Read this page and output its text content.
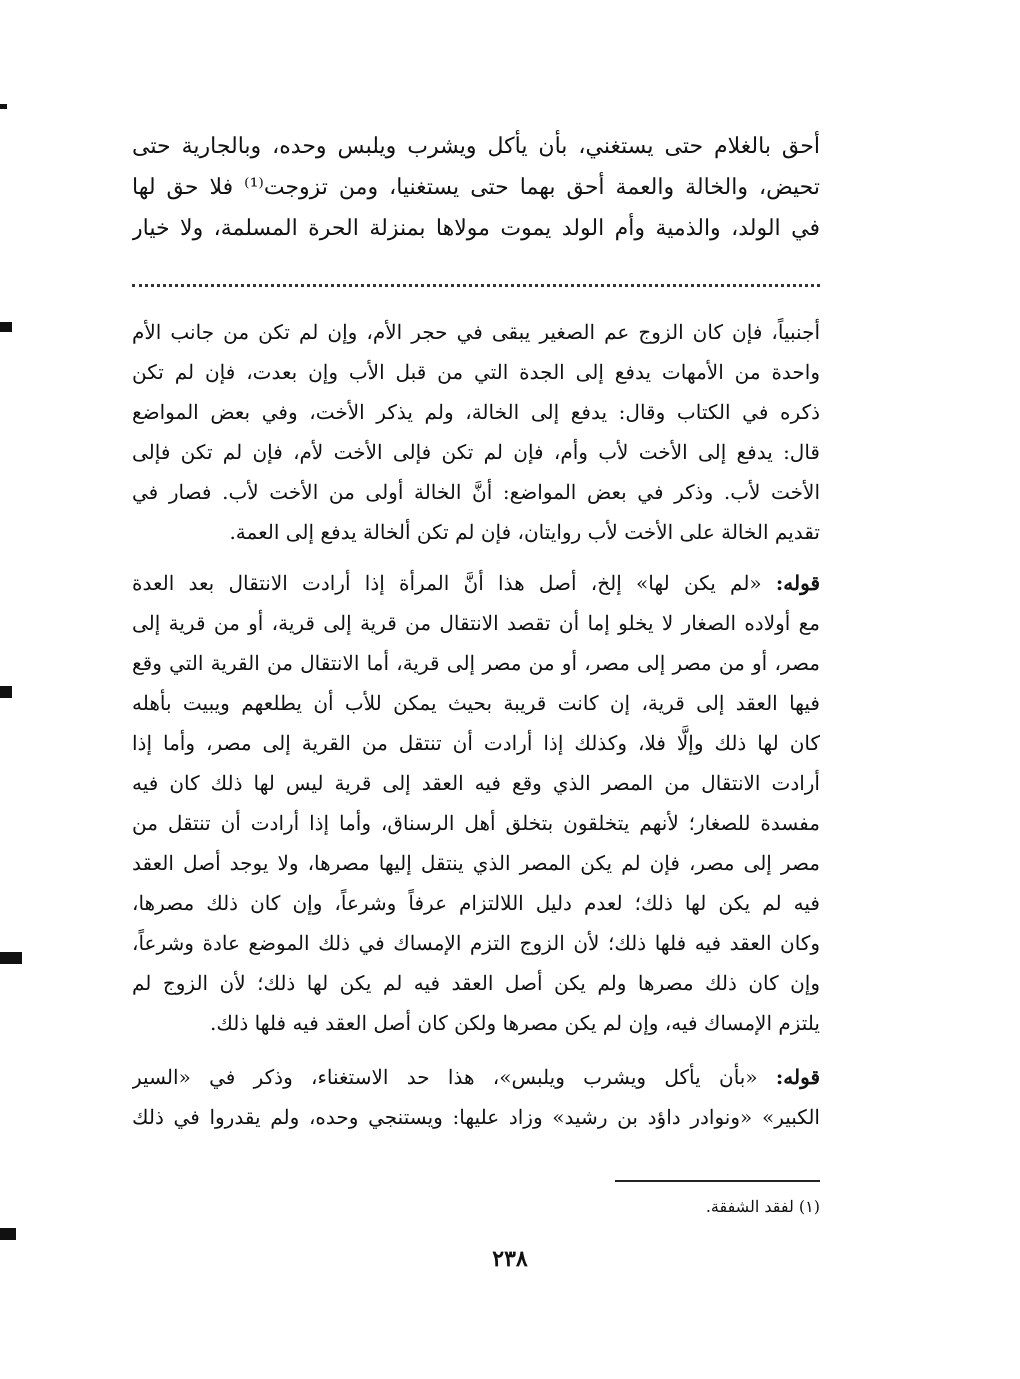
أحق بالغلام حتى يستغني، بأن يأكل ويشرب ويلبس وحده، وبالجارية حتى
تحيض، والخالة والعمة أحق بهما حتى يستغنيا، ومن تزوجت⁽¹⁾ فلا حق لها
في الولد، والذمية وأم الولد يموت مولاها بمنزلة الحرة المسلمة، ولا خيار
أجنبياً، فإن كان الزوج عم الصغير يبقى في حجر الأم، وإن لم تكن من جانب الأم
واحدة من الأمهات يدفع إلى الجدة التي من قبل الأب وإن بعدت، فإن لم تكن
ذكره في الكتاب وقال: يدفع إلى الخالة، ولم يذكر الأخت، وفي بعض المواضع
قال: يدفع إلى الأخت لأب وأم، فإن لم تكن فإلى الأخت لأم، فإن لم تكن فإلى
الأخت لأب. وذكر في بعض المواضع: أنَّ الخالة أولى من الأخت لأب. فصار في
تقديم الخالة على الأخت لأب روايتان، فإن لم تكن ألخالة يدفع إلى العمة.
قوله: «لم يكن لها» إلخ، أصل هذا أنَّ المرأة إذا أرادت الانتقال بعد العدة
مع أولاده الصغار لا يخلو إما أن تقصد الانتقال من قرية إلى قرية، أو من قرية إلى
مصر، أو من مصر إلى مصر، أو من مصر إلى قرية، أما الانتقال من القرية التي وقع
فيها العقد إلى قرية، إن كانت قريبة بحيث يمكن للأب أن يطلعهم ويبيت بأهله
كان لها ذلك وإلَّا فلا، وكذلك إذا أرادت أن تنتقل من القرية إلى مصر، وأما إذا
أرادت الانتقال من المصر الذي وقع فيه العقد إلى قرية ليس لها ذلك كان فيه
مفسدة للصغار؛ لأنهم يتخلقون بتخلق أهل الرسناق، وأما إذا أرادت أن تنتقل من
مصر إلى مصر، فإن لم يكن المصر الذي ينتقل إليها مصرها، ولا يوجد أصل العقد
فيه لم يكن لها ذلك؛ لعدم دليل اللالتزام عرفاً وشرعاً، وإن كان ذلك مصرها،
وكان العقد فيه فلها ذلك؛ لأن الزوج التزم الإمساك في ذلك الموضع عادة وشرعاً،
وإن كان ذلك مصرها ولم يكن أصل العقد فيه لم يكن لها ذلك؛ لأن الزوج لم
يلتزم الإمساك فيه، وإن لم يكن مصرها ولكن كان أصل العقد فيه فلها ذلك.
قوله: «بأن يأكل ويشرب ويلبس»، هذا حد الاستغناء، وذكر في «السير
الكبير» «ونوادر داؤد بن رشيد» وزاد عليها: ويستنجي وحده، ولم يقدروا في ذلك
(١) لفقد الشفقة.
٢٣٨
